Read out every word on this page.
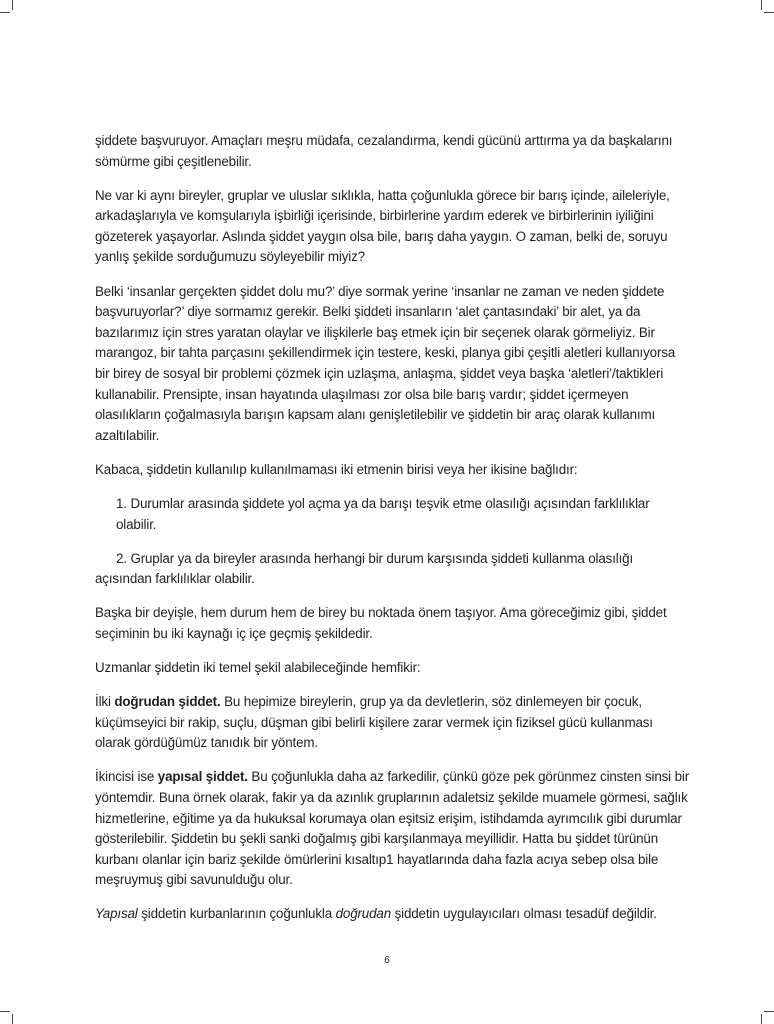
şiddete başvuruyor. Amaçları meşru müdafa, cezalandırma, kendi gücünü arttırma ya da başkalarını sömürme gibi çeşitlenebilir.

Ne var ki aynı bireyler, gruplar ve uluslar sıklıkla, hatta çoğunlukla görece bir barış içinde, aileleriyle, arkadaşlarıyla ve komşularıyla işbirliği içerisinde, birbirlerine yardım ederek ve birbirlerinin iyiliğini gözeterek yaşayorlar. Aslında şiddet yaygın olsa bile, barış daha yaygın. O zaman, belki de, soruyu yanlış şekilde sorduğumuzu söyleyebilir miyiz?

Belki ‘insanlar gerçekten şiddet dolu mu?’ diye sormak yerine ‘insanlar ne zaman ve neden şiddete başvuruyorlar?’ diye sormamız gerekir. Belki şiddeti insanların ‘alet çantasındaki’ bir alet, ya da bazılarımız için stres yaratan olaylar ve ilişkilerle baş etmek için bir seçenek olarak görmeliyiz. Bir marangoz, bir tahta parçasını şekillendirmek için testere, keski, planya gibi çeşitli aletleri kullanıyorsa bir birey de sosyal bir problemi çözmek için uzlaşma, anlaşma, şiddet veya başka ‘aletleri’/taktikleri kullanabilir. Prensipte, insan hayatında ulaşılması zor olsa bile barış vardır; şiddet içermeyen olasılıkların çoğalmasıyla barışın kapsam alanı genişletilebilir ve şiddetin bir araç olarak kullanımı azaltılabilir.

Kabaca, şiddetin kullanılıp kullanılmaması iki etmenin birisi veya her ikisine bağlıdır:

1. Durumlar arasında şiddete yol açma ya da barışı teşvik etme olasılığı açısından farklılıklar olabilir.

2. Gruplar ya da bireyler arasında herhangi bir durum karşısında şiddeti kullanma olasılığı açısından farklılıklar olabilir.

Başka bir deyişle, hem durum hem de birey bu noktada önem taşıyor. Ama göreceğimiz gibi, şiddet seçiminin bu iki kaynağı iç içe geçmiş şekildedir.

Uzmanlar şiddetin iki temel şekil alabileceğinde hemfikir:

İlki doğrudan şiddet. Bu hepimize bireylerin, grup ya da devletlerin, söz dinlemeyen bir çocuk, küçümseyici bir rakip, suçlu, düşman gibi belirli kişilere zarar vermek için fiziksel gücü kullanması olarak gördüğümüz tanıdık bir yöntem.

İkincisi ise yapısal şiddet. Bu çoğunlukla daha az farkedilir, çünkü göze pek görünmez cinsten sinsi bir yöntemdir. Buna örnek olarak, fakir ya da azınlık gruplarının adaletsiz şekilde muamele görmesi, sağlık hizmetlerine, eğitime ya da hukuksal korumaya olan eşitsiz erişim, istihdamda ayrımcılık gibi durumlar gösterilebilir. Şiddetin bu şekli sanki doğalmış gibi karşılanmaya meyillidir. Hatta bu şiddet türünün kurbanı olanlar için bariz şekilde ömürlerini kısaltıp1 hayatlarında daha fazla acıya sebep olsa bile meşruymuş gibi savunulduğu olur.

Yapısal şiddetin kurbanlarının çoğunlukla doğrudan şiddetin uygulayıcıları olması tesadüf değildir.

6
